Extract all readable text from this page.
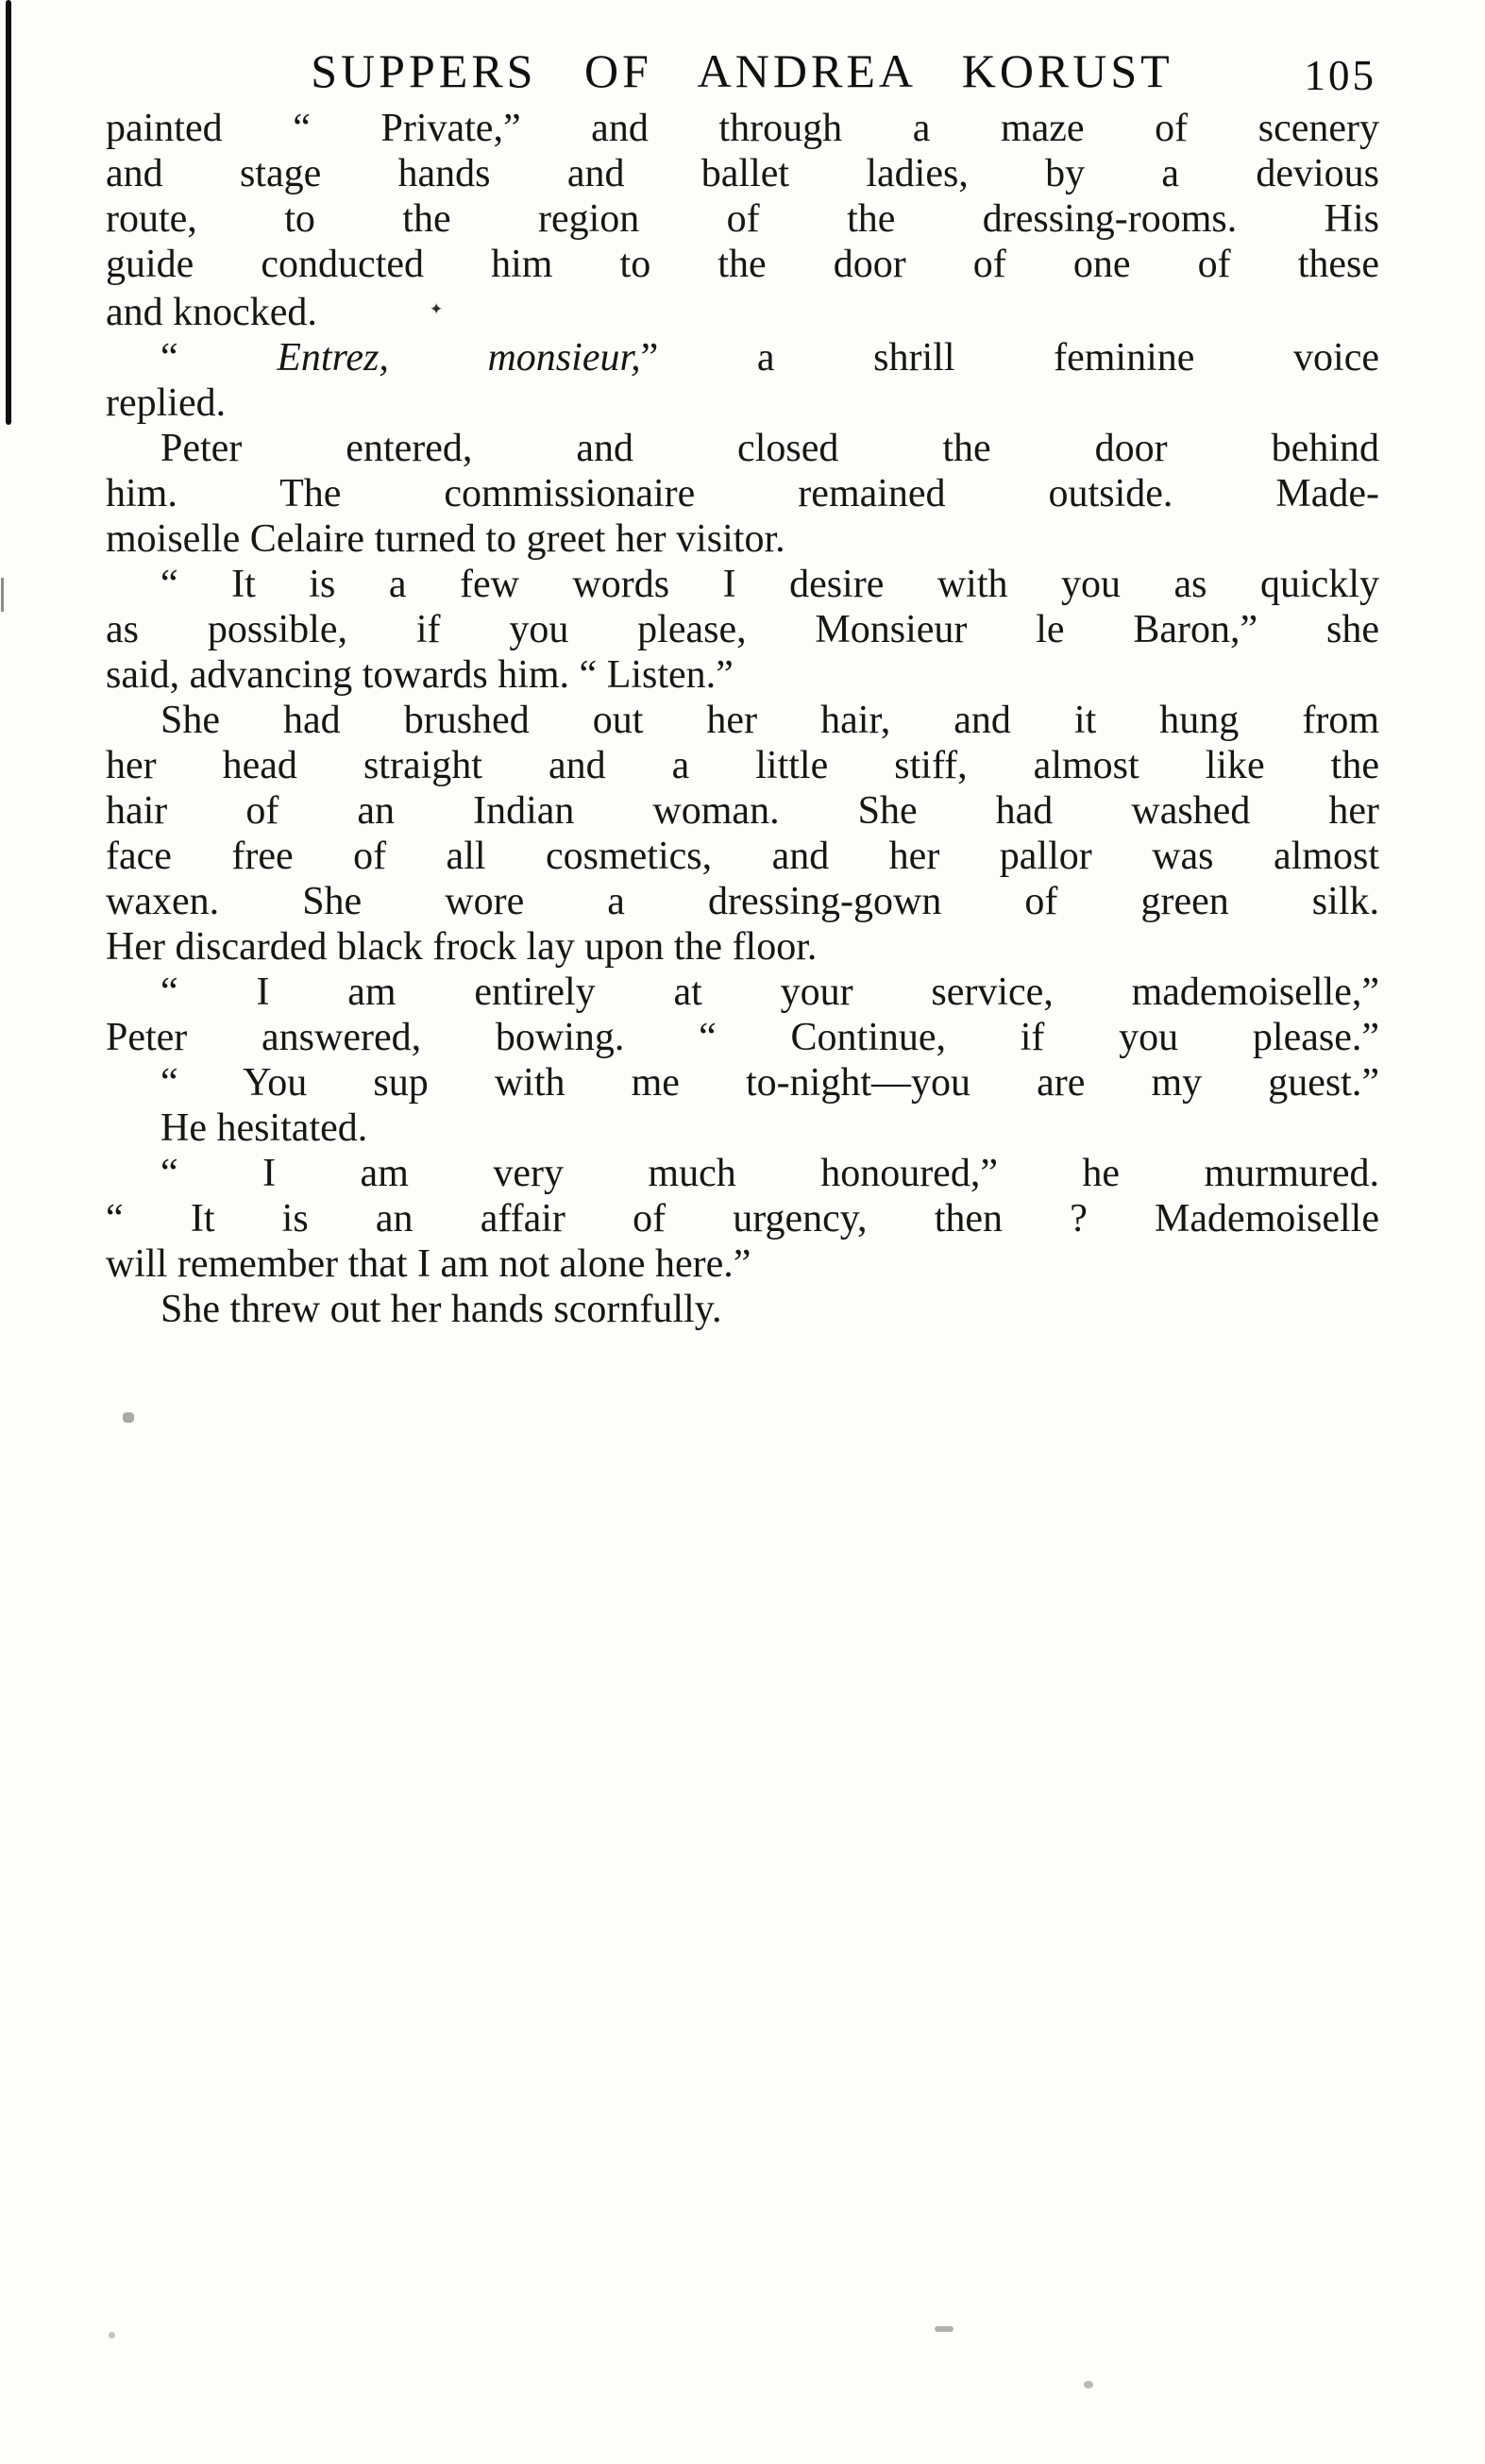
SUPPERS OF ANDREA KORUST	105
painted “ Private,” and through a maze of scenery
and stage hands and ballet ladies, by a devious
route, to the region of the dressing-rooms. His
guide conducted him to the door of one of these
and knocked.	✦
“ Entrez, monsieur,” a shrill feminine voice
replied.
Peter entered, and closed the door behind
him. The commissionaire remained outside. Made-
moiselle Celaire turned to greet her visitor.
“ It is a few words I desire with you as quickly
as possible, if you please, Monsieur le Baron,” she
said, advancing towards him. “ Listen.”
She had brushed out her hair, and it hung from
her head straight and a little stiff, almost like the
hair of an Indian woman. She had washed her
face free of all cosmetics, and her pallor was almost
waxen. She wore a dressing-gown of green silk.
Her discarded black frock lay upon the floor.
“ I am entirely at your service, mademoiselle,”
Peter answered, bowing. “ Continue, if you please.”
“ You sup with me to-night—you are my guest.”
He hesitated.
“ I am very much honoured,” he murmured.
“ It is an affair of urgency, then ? Mademoiselle
will remember that I am not alone here.”
She threw out her hands scornfully.
